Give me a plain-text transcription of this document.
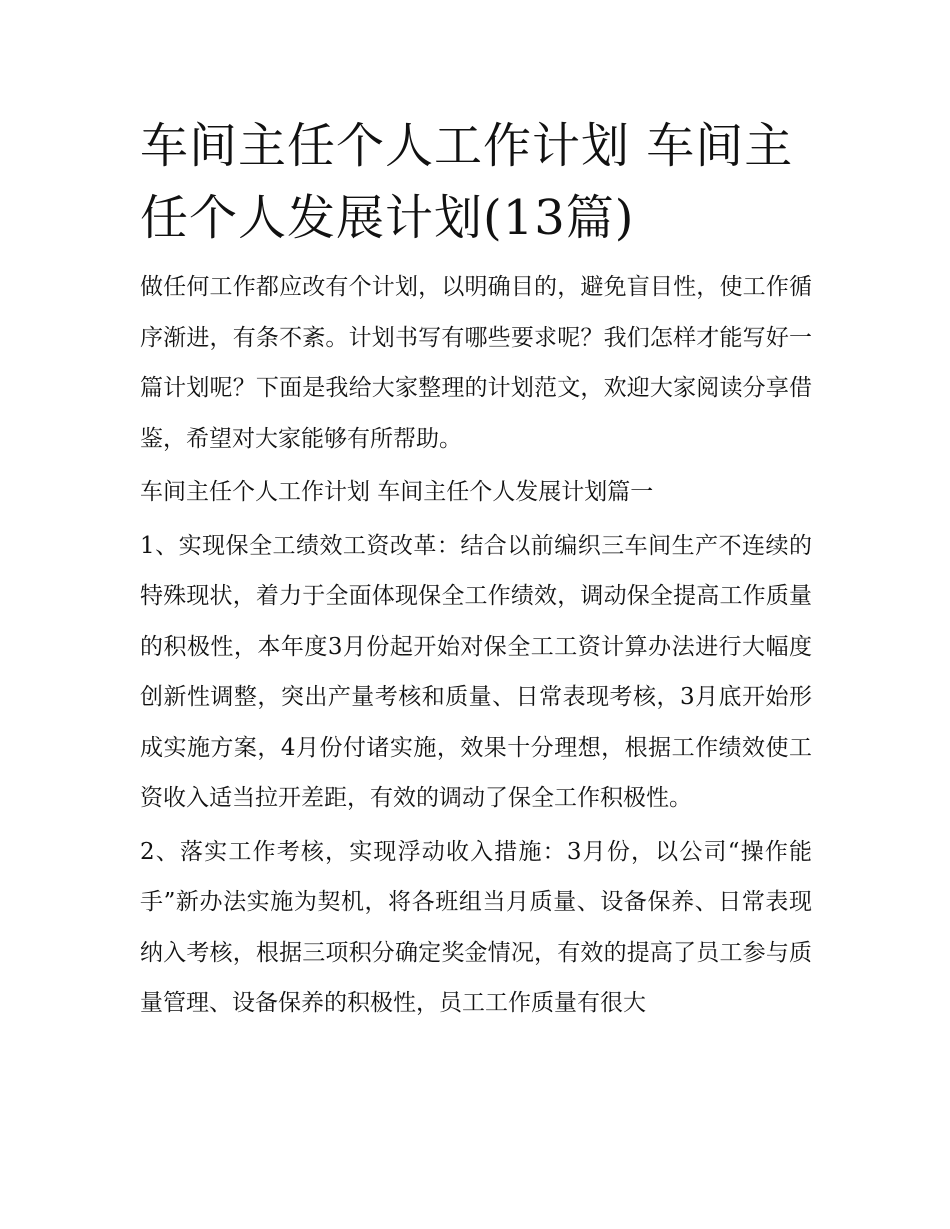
车间主任个人工作计划 车间主任个人发展计划(13篇)

做任何工作都应改有个计划，以明确目的，避免盲目性，使工作循序渐进，有条不紊。计划书写有哪些要求呢？我们怎样才能写好一篇计划呢？下面是我给大家整理的计划范文，欢迎大家阅读分享借鉴，希望对大家能够有所帮助。

车间主任个人工作计划 车间主任个人发展计划篇一

1、实现保全工绩效工资改革：结合以前编织三车间生产不连续的特殊现状，着力于全面体现保全工作绩效，调动保全提高工作质量的积极性，本年度3月份起开始对保全工工资计算办法进行大幅度创新性调整，突出产量考核和质量、日常表现考核，3月底开始形成实施方案，4月份付诸实施，效果十分理想，根据工作绩效使工资收入适当拉开差距，有效的调动了保全工作积极性。

2、落实工作考核，实现浮动收入措施：3月份，以公司“操作能手”新办法实施为契机，将各班组当月质量、设备保养、日常表现纳入考核，根据三项积分确定奖金情况，有效的提高了员工参与质量管理、设备保养的积极性，员工工作质量有很大
